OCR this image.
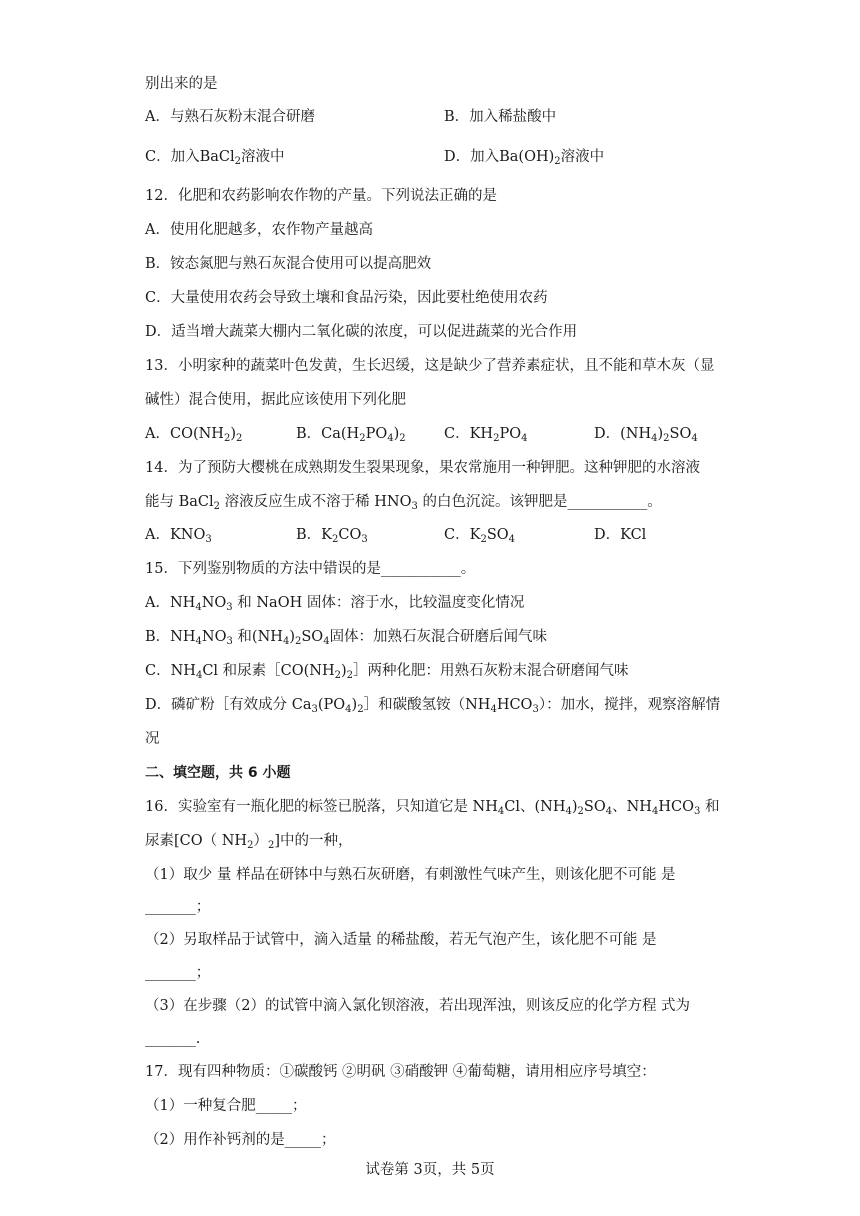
别出来的是
A．与熟石灰粉末混合研磨	B．加入稀盐酸中
C．加入BaCl$_2$溶液中	D．加入$Ba(OH)_2$溶液中
12．化肥和农药影响农作物的产量。下列说法正确的是
A．使用化肥越多，农作物产量越高
B．铵态氮肥与熟石灰混合使用可以提高肥效
C．大量使用农药会导致土壤和食品污染，因此要杜绝使用农药
D．适当增大蔬菜大棚内二氧化碳的浓度，可以促进蔬菜的光合作用
13．小明家种的蔬菜叶色发黄，生长迟缓，这是缺少了营养素症状，且不能和草木灰（显
碱性）混合使用，据此应该使用下列化肥
A．$CO(NH_2)_2$	B．$Ca(H_2PO_4)_2$	C．$KH_2PO_4$	D．$(NH_4)_2SO_4$
14．为了预防大樱桃在成熟期发生裂果现象，果农常施用一种钾肥。这种钾肥的水溶液
能与 BaCl$_2$ 溶液反应生成不溶于稀 $HNO_3$ 的白色沉淀。该钾肥是___________。
A．$KNO_3$	B．$K_2CO_3$	C．$K_2SO_4$	D．KCl
15．下列鉴别物质的方法中错误的是___________。
A．$NH_4NO_3$ 和 NaOH 固体：溶于水，比较温度变化情况
B．$NH_4NO_3$ 和$(NH_4)_2SO_4$固体：加熟石灰混合研磨后闻气味
C．$NH_4Cl$ 和尿素$[CO(NH_2)_2]$两种化肥：用熟石灰粉末混合研磨闻气味
D．磷矿粉［有效成分 $Ca_3(PO_4)_2]$和碳酸氢铵$(NH_4HCO_3)$：加水，搅拌，观察溶解情
况
二、填空题，共 6 小题
16．实验室有一瓶化肥的标签已脱落，只知道它是 $NH_4Cl$、$(NH_4)_2SO_4$、$NH_4HCO_3$ 和
尿素[CO（ $NH_2)_2$]中的一种，
（1）取少 量 样品在研钵中与熟石灰研磨，有刺激性气味产生，则该化肥不可能 是
_______；
（2）另取样品于试管中，滴入适量 的稀盐酸，若无气泡产生，该化肥不可能 是
_______；
（3）在步骤（2）的试管中滴入氯化钡溶液，若出现浑浊，则该反应的化学方程 式为
_______.
17．现有四种物质：①碳酸钙 ②明矾 ③硝酸钾 ④葡萄糖，请用相应序号填空：
（1）一种复合肥_____；
（2）用作补钙剂的是_____；
试卷第 3页，共 5页
